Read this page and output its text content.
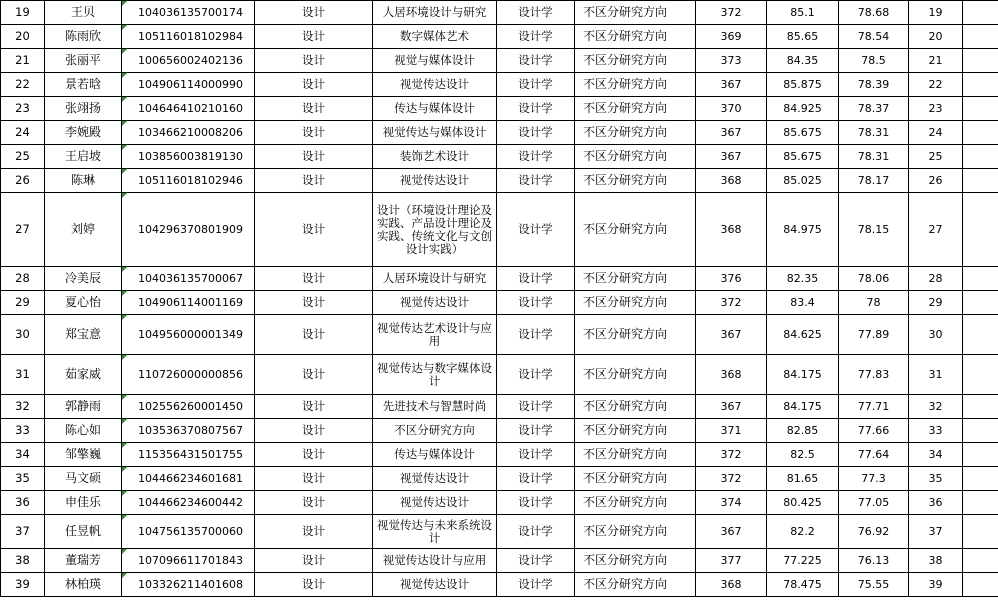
19	王贝	104036135700174	设计	人居环境设计与研究	设计学	不区分研究方向	372	85.1	78.68	19	
20	陈雨欣	105116018102984	设计	数字媒体艺术	设计学	不区分研究方向	369	85.65	78.54	20	
21	张丽平	100656002402136	设计	视觉与媒体设计	设计学	不区分研究方向	373	84.35	78.5	21	
22	景若晗	104906114000990	设计	视觉传达设计	设计学	不区分研究方向	367	85.875	78.39	22	
23	张翊扬	104646410210160	设计	传达与媒体设计	设计学	不区分研究方向	370	84.925	78.37	23	
24	李婉殿	103466210008206	设计	视觉传达与媒体设计	设计学	不区分研究方向	367	85.675	78.31	24	
25	王启坡	103856003819130	设计	装饰艺术设计	设计学	不区分研究方向	367	85.675	78.31	25	
26	陈琳	105116018102946	设计	视觉传达设计	设计学	不区分研究方向	368	85.025	78.17	26	
27	刘婷	104296370801909	设计	设计（环境设计理论及实践、产品设计理论及实践、传统文化与文创设计实践）	设计学	不区分研究方向	368	84.975	78.15	27	
28	冷美辰	104036135700067	设计	人居环境设计与研究	设计学	不区分研究方向	376	82.35	78.06	28	
29	夏心怡	104906114001169	设计	视觉传达设计	设计学	不区分研究方向	372	83.4	78	29	
30	郑宝意	104956000001349	设计	视觉传达艺术设计与应用	设计学	不区分研究方向	367	84.625	77.89	30	
31	茹家威	110726000000856	设计	视觉传达与数字媒体设计	设计学	不区分研究方向	368	84.175	77.83	31	
32	郭静雨	102556260001450	设计	先进技术与智慧时尚	设计学	不区分研究方向	367	84.175	77.71	32	
33	陈心如	103536370807567	设计	不区分研究方向	设计学	不区分研究方向	371	82.85	77.66	33	
34	邹擎巍	115356431501755	设计	传达与媒体设计	设计学	不区分研究方向	372	82.5	77.64	34	
35	马文硕	104466234601681	设计	视觉传达设计	设计学	不区分研究方向	372	81.65	77.3	35	
36	申佳乐	104466234600442	设计	视觉传达设计	设计学	不区分研究方向	374	80.425	77.05	36	
37	任昱帆	104756135700060	设计	视觉传达与未来系统设计	设计学	不区分研究方向	367	82.2	76.92	37	
38	董瑞芳	107096611701843	设计	视觉传达设计与应用	设计学	不区分研究方向	377	77.225	76.13	38	
39	林柏瑛	103326211401608	设计	视觉传达设计	设计学	不区分研究方向	368	78.475	75.55	39	
